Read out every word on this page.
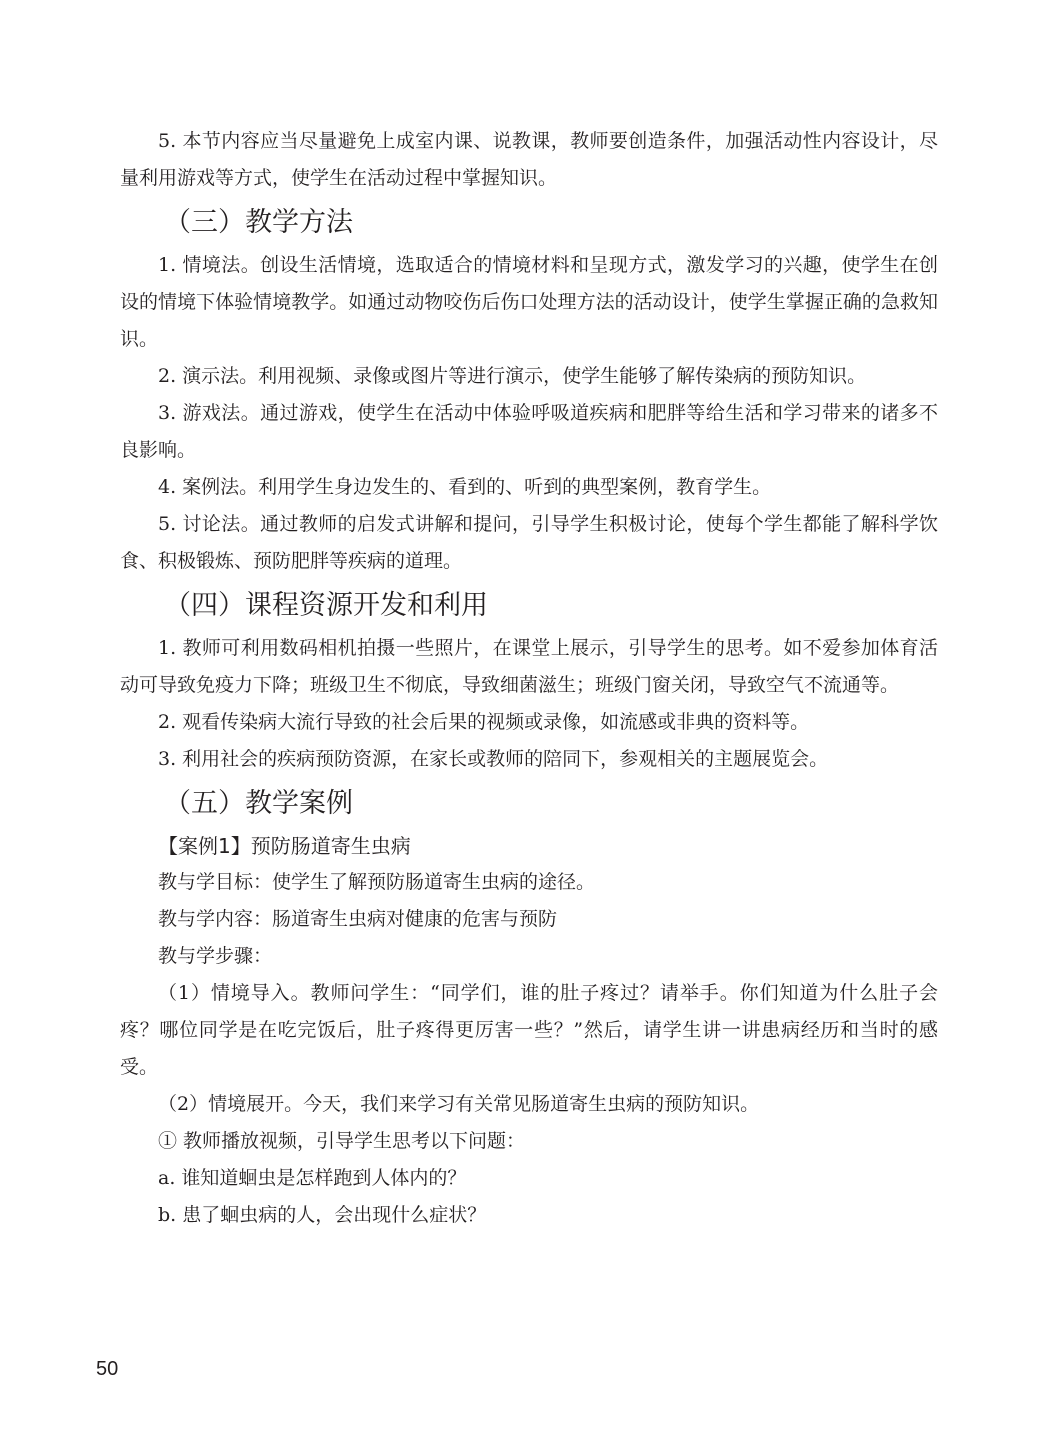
5. 本节内容应当尽量避免上成室内课、说教课，教师要创造条件，加强活动性内容设计，尽量利用游戏等方式，使学生在活动过程中掌握知识。

（三）教学方法

1. 情境法。创设生活情境，选取适合的情境材料和呈现方式，激发学习的兴趣，使学生在创设的情境下体验情境教学。如通过动物咬伤后伤口处理方法的活动设计，使学生掌握正确的急救知识。

2. 演示法。利用视频、录像或图片等进行演示，使学生能够了解传染病的预防知识。

3. 游戏法。通过游戏，使学生在活动中体验呼吸道疾病和肥胖等给生活和学习带来的诸多不良影响。

4. 案例法。利用学生身边发生的、看到的、听到的典型案例，教育学生。

5. 讨论法。通过教师的启发式讲解和提问，引导学生积极讨论，使每个学生都能了解科学饮食、积极锻炼、预防肥胖等疾病的道理。

（四）课程资源开发和利用

1. 教师可利用数码相机拍摄一些照片，在课堂上展示，引导学生的思考。如不爱参加体育活动可导致免疫力下降；班级卫生不彻底，导致细菌滋生；班级门窗关闭，导致空气不流通等。

2. 观看传染病大流行导致的社会后果的视频或录像，如流感或非典的资料等。

3. 利用社会的疾病预防资源，在家长或教师的陪同下，参观相关的主题展览会。

（五）教学案例
【案例1】预防肠道寄生虫病

教与学目标：使学生了解预防肠道寄生虫病的途径。

教与学内容：肠道寄生虫病对健康的危害与预防

教与学步骤：

（1）情境导入。教师问学生：“同学们，谁的肚子疼过？请举手。你们知道为什么肚子会疼？哪位同学是在吃完饭后，肚子疼得更厉害一些？”然后，请学生讲一讲患病经历和当时的感受。

（2）情境展开。今天，我们来学习有关常见肠道寄生虫病的预防知识。

① 教师播放视频，引导学生思考以下问题：

a. 谁知道蛔虫是怎样跑到人体内的？

b. 患了蛔虫病的人，会出现什么症状？

50
